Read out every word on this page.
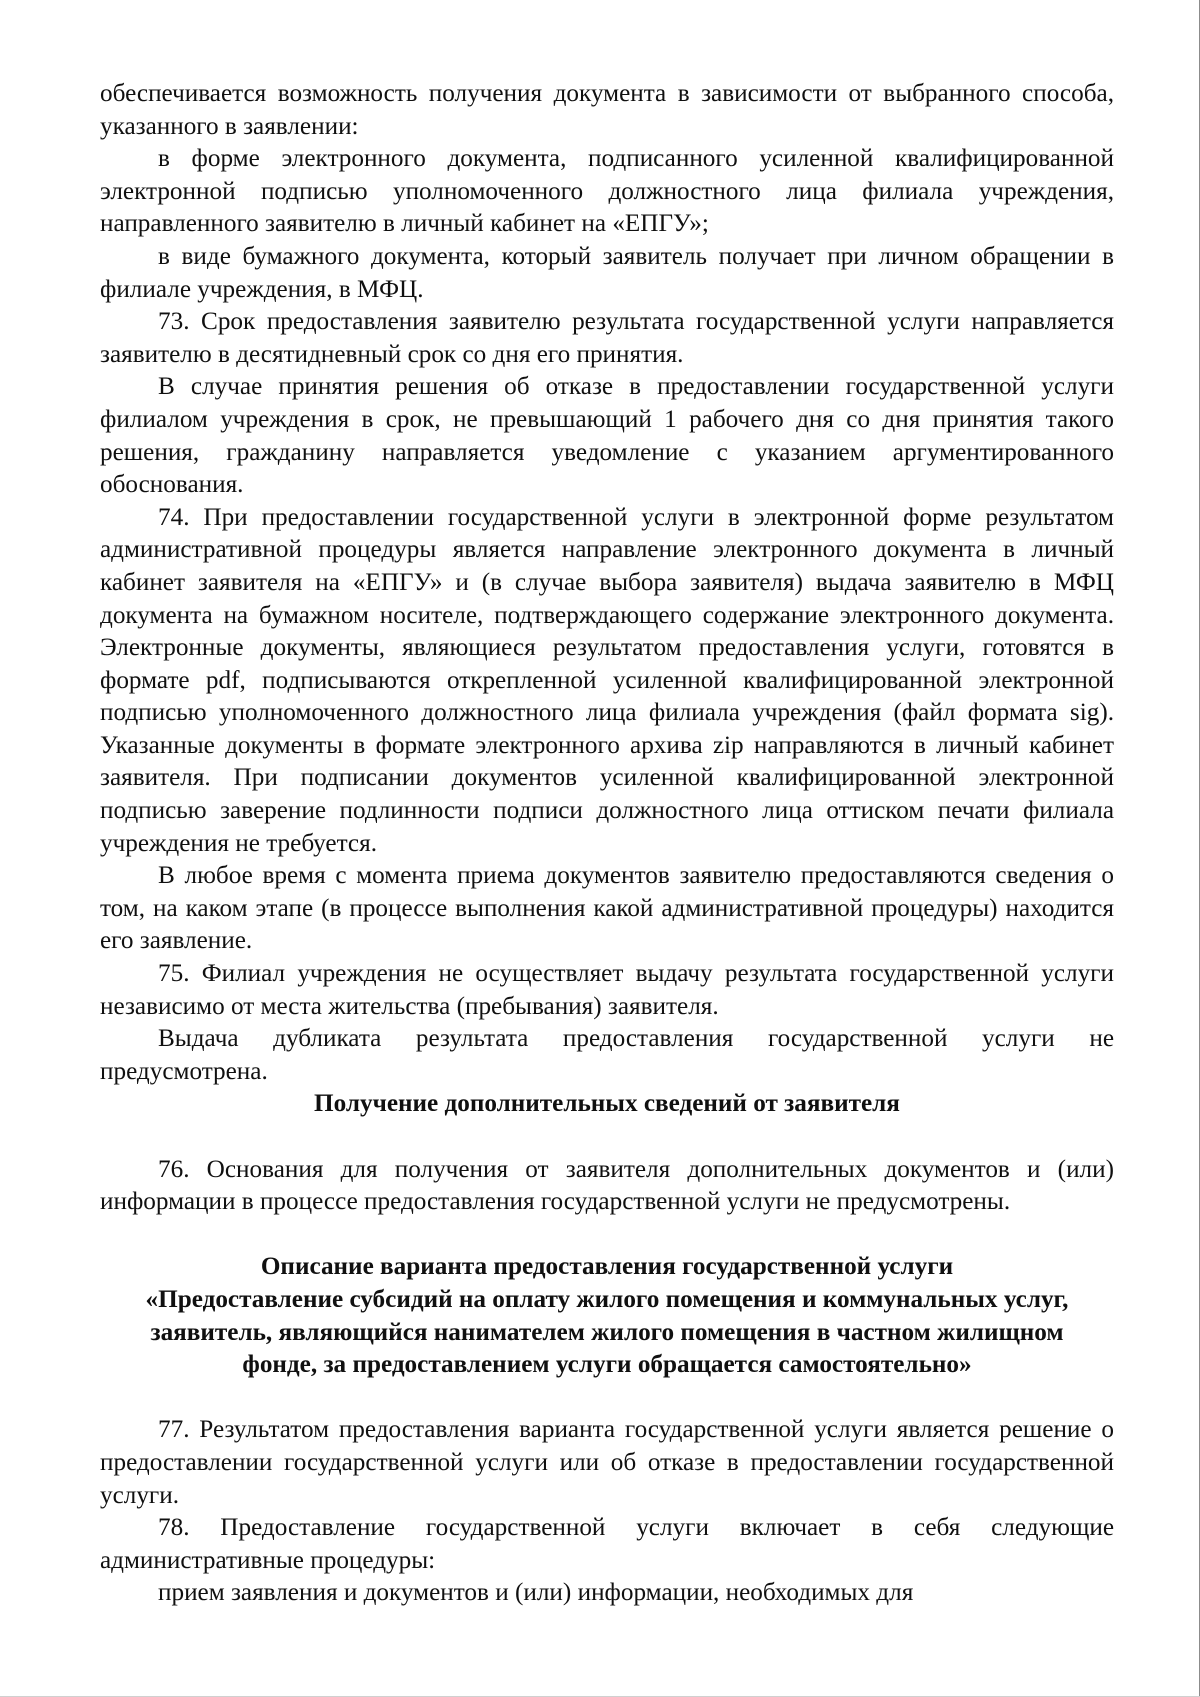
обеспечивается возможность получения документа в зависимости от выбранного способа, указанного в заявлении:

в форме электронного документа, подписанного усиленной квалифицированной электронной подписью уполномоченного должностного лица филиала учреждения, направленного заявителю в личный кабинет на «ЕПГУ»;

в виде бумажного документа, который заявитель получает при личном обращении в филиале учреждения, в МФЦ.

73. Срок предоставления заявителю результата государственной услуги направляется заявителю в десятидневный срок со дня его принятия.

В случае принятия решения об отказе в предоставлении государственной услуги филиалом учреждения в срок, не превышающий 1 рабочего дня со дня принятия такого решения, гражданину направляется уведомление с указанием аргументированного обоснования.

74. При предоставлении государственной услуги в электронной форме результатом административной процедуры является направление электронного документа в личный кабинет заявителя на «ЕПГУ» и (в случае выбора заявителя) выдача заявителю в МФЦ документа на бумажном носителе, подтверждающего содержание электронного документа. Электронные документы, являющиеся результатом предоставления услуги, готовятся в формате pdf, подписываются открепленной усиленной квалифицированной электронной подписью уполномоченного должностного лица филиала учреждения (файл формата sig). Указанные документы в формате электронного архива zip направляются в личный кабинет заявителя. При подписании документов усиленной квалифицированной электронной подписью заверение подлинности подписи должностного лица оттиском печати филиала учреждения не требуется.

В любое время с момента приема документов заявителю предоставляются сведения о том, на каком этапе (в процессе выполнения какой административной процедуры) находится его заявление.

75. Филиал учреждения не осуществляет выдачу результата государственной услуги независимо от места жительства (пребывания) заявителя.

Выдача дубликата результата предоставления государственной услуги не предусмотрена.

Получение дополнительных сведений от заявителя

76. Основания для получения от заявителя дополнительных документов и (или) информации в процессе предоставления государственной услуги не предусмотрены.

Описание варианта предоставления государственной услуги
«Предоставление субсидий на оплату жилого помещения и коммунальных услуг, заявитель, являющийся нанимателем жилого помещения в частном жилищном фонде, за предоставлением услуги обращается самостоятельно»

77. Результатом предоставления варианта государственной услуги является решение о предоставлении государственной услуги или об отказе в предоставлении государственной услуги.

78. Предоставление государственной услуги включает в себя следующие административные процедуры:

прием заявления и документов и (или) информации, необходимых для
